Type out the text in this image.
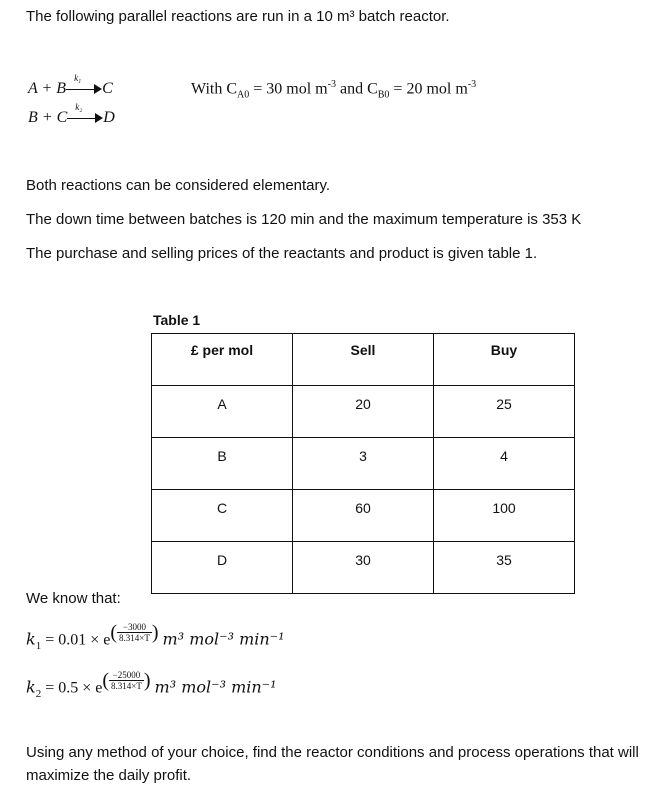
The following parallel reactions are run in a 10 m³ batch reactor.
A + B
k₁
C
B + C
k₂
D
With $C_{A0} = 30$ mol $m^{-3}$ and $C_{B0} = 20$ mol $m^{-3}$
Both reactions can be considered elementary.
The down time between batches is 120 min and the maximum temperature is 353 K
The purchase and selling prices of the reactants and product is given table 1.
Table 1
£ per mol	Sell	Buy
A	20	25
B	3	4
C	60	100
D	30	35
We know that:
$k_1 = 0.01 \times e( \frac{-3000}{8.314\times T}$ ) m³ mol⁻³ min⁻¹
$k_2 = 0.5 \times e( \frac{-25000}{8.314\times T}$ ) m³ mol⁻³ min⁻¹
Using any method of your choice, find the reactor conditions and process operations that will
maximize the daily profit.
